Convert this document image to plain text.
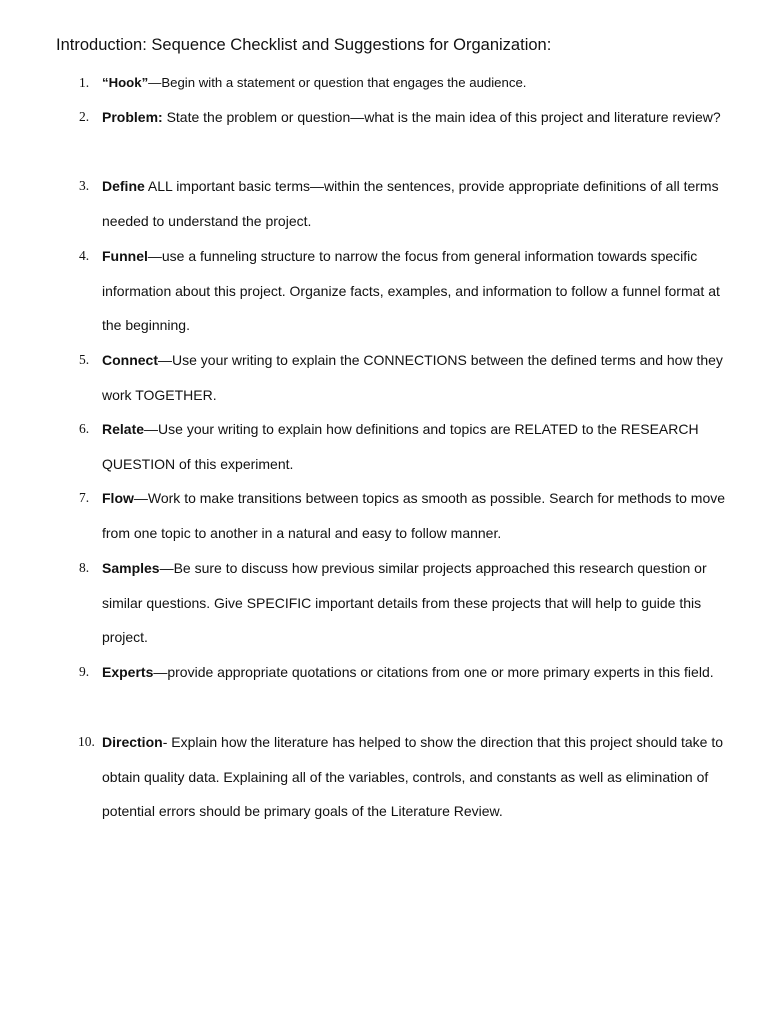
Introduction: Sequence Checklist and Suggestions for Organization:
1. “Hook”—Begin with a statement or question that engages the audience.
2. Problem: State the problem or question—what is the main idea of this project and literature review?
3. Define ALL important basic terms—within the sentences, provide appropriate definitions of all terms needed to understand the project.
4. Funnel—use a funneling structure to narrow the focus from general information towards specific information about this project. Organize facts, examples, and information to follow a funnel format at the beginning.
5. Connect—Use your writing to explain the CONNECTIONS between the defined terms and how they work TOGETHER.
6. Relate—Use your writing to explain how definitions and topics are RELATED to the RESEARCH QUESTION of this experiment.
7. Flow—Work to make transitions between topics as smooth as possible. Search for methods to move from one topic to another in a natural and easy to follow manner.
8. Samples—Be sure to discuss how previous similar projects approached this research question or similar questions. Give SPECIFIC important details from these projects that will help to guide this project.
9. Experts—provide appropriate quotations or citations from one or more primary experts in this field.
10. Direction- Explain how the literature has helped to show the direction that this project should take to obtain quality data. Explaining all of the variables, controls, and constants as well as elimination of potential errors should be primary goals of the Literature Review.
